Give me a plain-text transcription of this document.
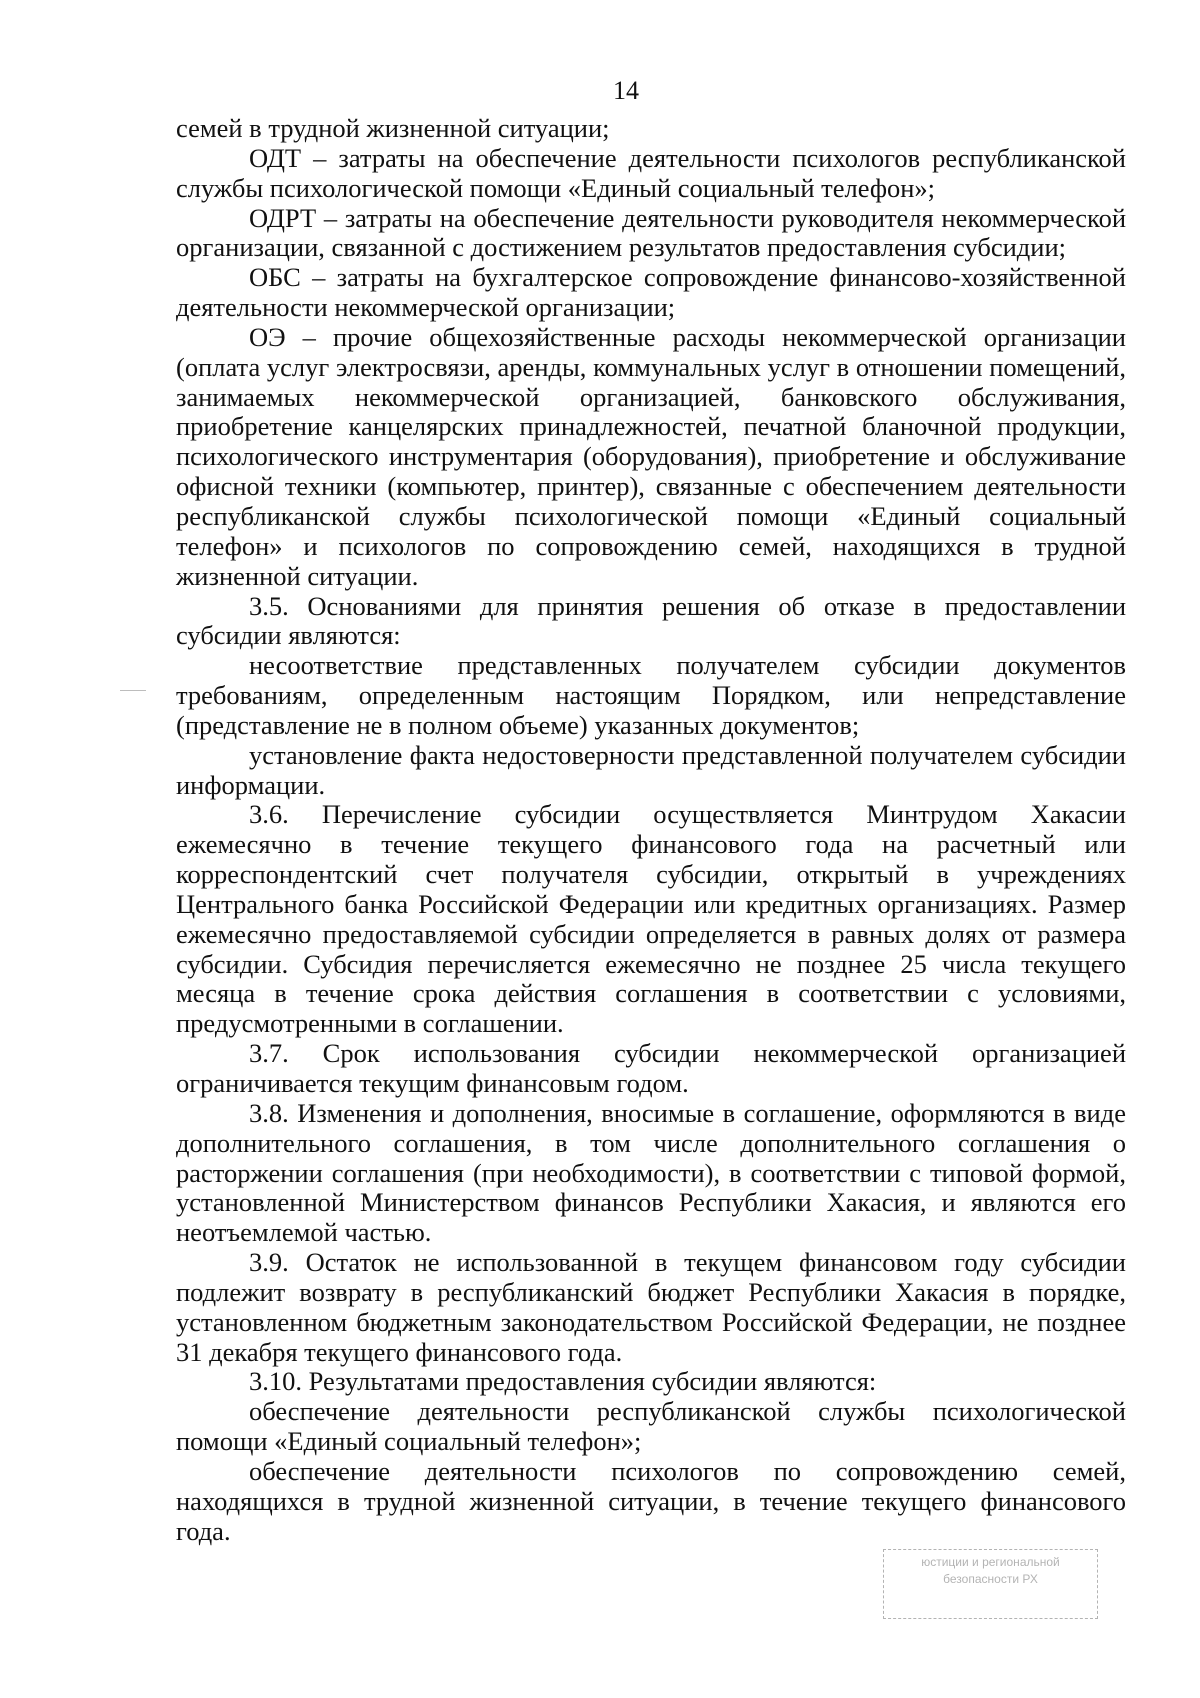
14

семей в трудной жизненной ситуации;

ОДТ – затраты на обеспечение деятельности психологов республиканской службы психологической помощи «Единый социальный телефон»;

ОДРТ – затраты на обеспечение деятельности руководителя некоммерческой организации, связанной с достижением результатов предоставления субсидии;

ОБС – затраты на бухгалтерское сопровождение финансово-хозяйственной деятельности некоммерческой организации;

ОЭ – прочие общехозяйственные расходы некоммерческой организации (оплата услуг электросвязи, аренды, коммунальных услуг в отношении помещений, занимаемых некоммерческой организацией, банковского обслуживания, приобретение канцелярских принадлежностей, печатной бланочной продукции, психологического инструментария (оборудования), приобретение и обслуживание офисной техники (компьютер, принтер), связанные с обеспечением деятельности республиканской службы психологической помощи «Единый социальный телефон» и психологов по сопровождению семей, находящихся в трудной жизненной ситуации.

3.5. Основаниями для принятия решения об отказе в предоставлении субсидии являются:

несоответствие представленных получателем субсидии документов требованиям, определенным настоящим Порядком, или непредставление (представление не в полном объеме) указанных документов;

установление факта недостоверности представленной получателем субсидии информации.

3.6. Перечисление субсидии осуществляется Минтрудом Хакасии ежемесячно в течение текущего финансового года на расчетный или корреспондентский счет получателя субсидии, открытый в учреждениях Центрального банка Российской Федерации или кредитных организациях. Размер ежемесячно предоставляемой субсидии определяется в равных долях от размера субсидии. Субсидия перечисляется ежемесячно не позднее 25 числа текущего месяца в течение срока действия соглашения в соответствии с условиями, предусмотренными в соглашении.

3.7. Срок использования субсидии некоммерческой организацией ограничивается текущим финансовым годом.

3.8. Изменения и дополнения, вносимые в соглашение, оформляются в виде дополнительного соглашения, в том числе дополнительного соглашения о расторжении соглашения (при необходимости), в соответствии с типовой формой, установленной Министерством финансов Республики Хакасия, и являются его неотъемлемой частью.

3.9. Остаток не использованной в текущем финансовом году субсидии подлежит возврату в республиканский бюджет Республики Хакасия в порядке, установленном бюджетным законодательством Российской Федерации, не позднее 31 декабря текущего финансового года.

3.10. Результатами предоставления субсидии являются:

обеспечение деятельности республиканской службы психологической помощи «Единый социальный телефон»;

обеспечение деятельности психологов по сопровождению семей, находящихся в трудной жизненной ситуации, в течение текущего финансового года.

юстиции и региональной
безопасности РХ
